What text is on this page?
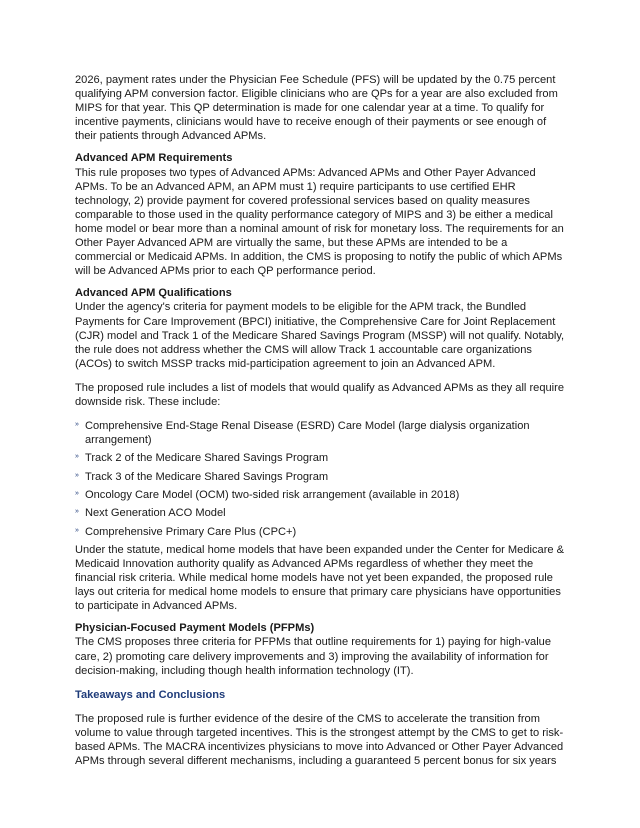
2026, payment rates under the Physician Fee Schedule (PFS) will be updated by the 0.75 percent qualifying APM conversion factor. Eligible clinicians who are QPs for a year are also excluded from MIPS for that year. This QP determination is made for one calendar year at a time. To qualify for incentive payments, clinicians would have to receive enough of their payments or see enough of their patients through Advanced APMs.

Advanced APM Requirements

This rule proposes two types of Advanced APMs: Advanced APMs and Other Payer Advanced APMs. To be an Advanced APM, an APM must 1) require participants to use certified EHR technology, 2) provide payment for covered professional services based on quality measures comparable to those used in the quality performance category of MIPS and 3) be either a medical home model or bear more than a nominal amount of risk for monetary loss. The requirements for an Other Payer Advanced APM are virtually the same, but these APMs are intended to be a commercial or Medicaid APMs. In addition, the CMS is proposing to notify the public of which APMs will be Advanced APMs prior to each QP performance period.

Advanced APM Qualifications

Under the agency's criteria for payment models to be eligible for the APM track, the Bundled Payments for Care Improvement (BPCI) initiative, the Comprehensive Care for Joint Replacement (CJR) model and Track 1 of the Medicare Shared Savings Program (MSSP) will not qualify. Notably, the rule does not address whether the CMS will allow Track 1 accountable care organizations (ACOs) to switch MSSP tracks mid-participation agreement to join an Advanced APM.

The proposed rule includes a list of models that would qualify as Advanced APMs as they all require downside risk. These include:

» Comprehensive End-Stage Renal Disease (ESRD) Care Model (large dialysis organization arrangement)
» Track 2 of the Medicare Shared Savings Program
» Track 3 of the Medicare Shared Savings Program
» Oncology Care Model (OCM) two-sided risk arrangement (available in 2018)
» Next Generation ACO Model
» Comprehensive Primary Care Plus (CPC+)

Under the statute, medical home models that have been expanded under the Center for Medicare & Medicaid Innovation authority qualify as Advanced APMs regardless of whether they meet the financial risk criteria. While medical home models have not yet been expanded, the proposed rule lays out criteria for medical home models to ensure that primary care physicians have opportunities to participate in Advanced APMs.

Physician-Focused Payment Models (PFPMs)

The CMS proposes three criteria for PFPMs that outline requirements for 1) paying for high-value care, 2) promoting care delivery improvements and 3) improving the availability of information for decision-making, including though health information technology (IT).

Takeaways and Conclusions

The proposed rule is further evidence of the desire of the CMS to accelerate the transition from volume to value through targeted incentives. This is the strongest attempt by the CMS to get to risk-based APMs. The MACRA incentivizes physicians to move into Advanced or Other Payer Advanced APMs through several different mechanisms, including a guaranteed 5 percent bonus for six years
